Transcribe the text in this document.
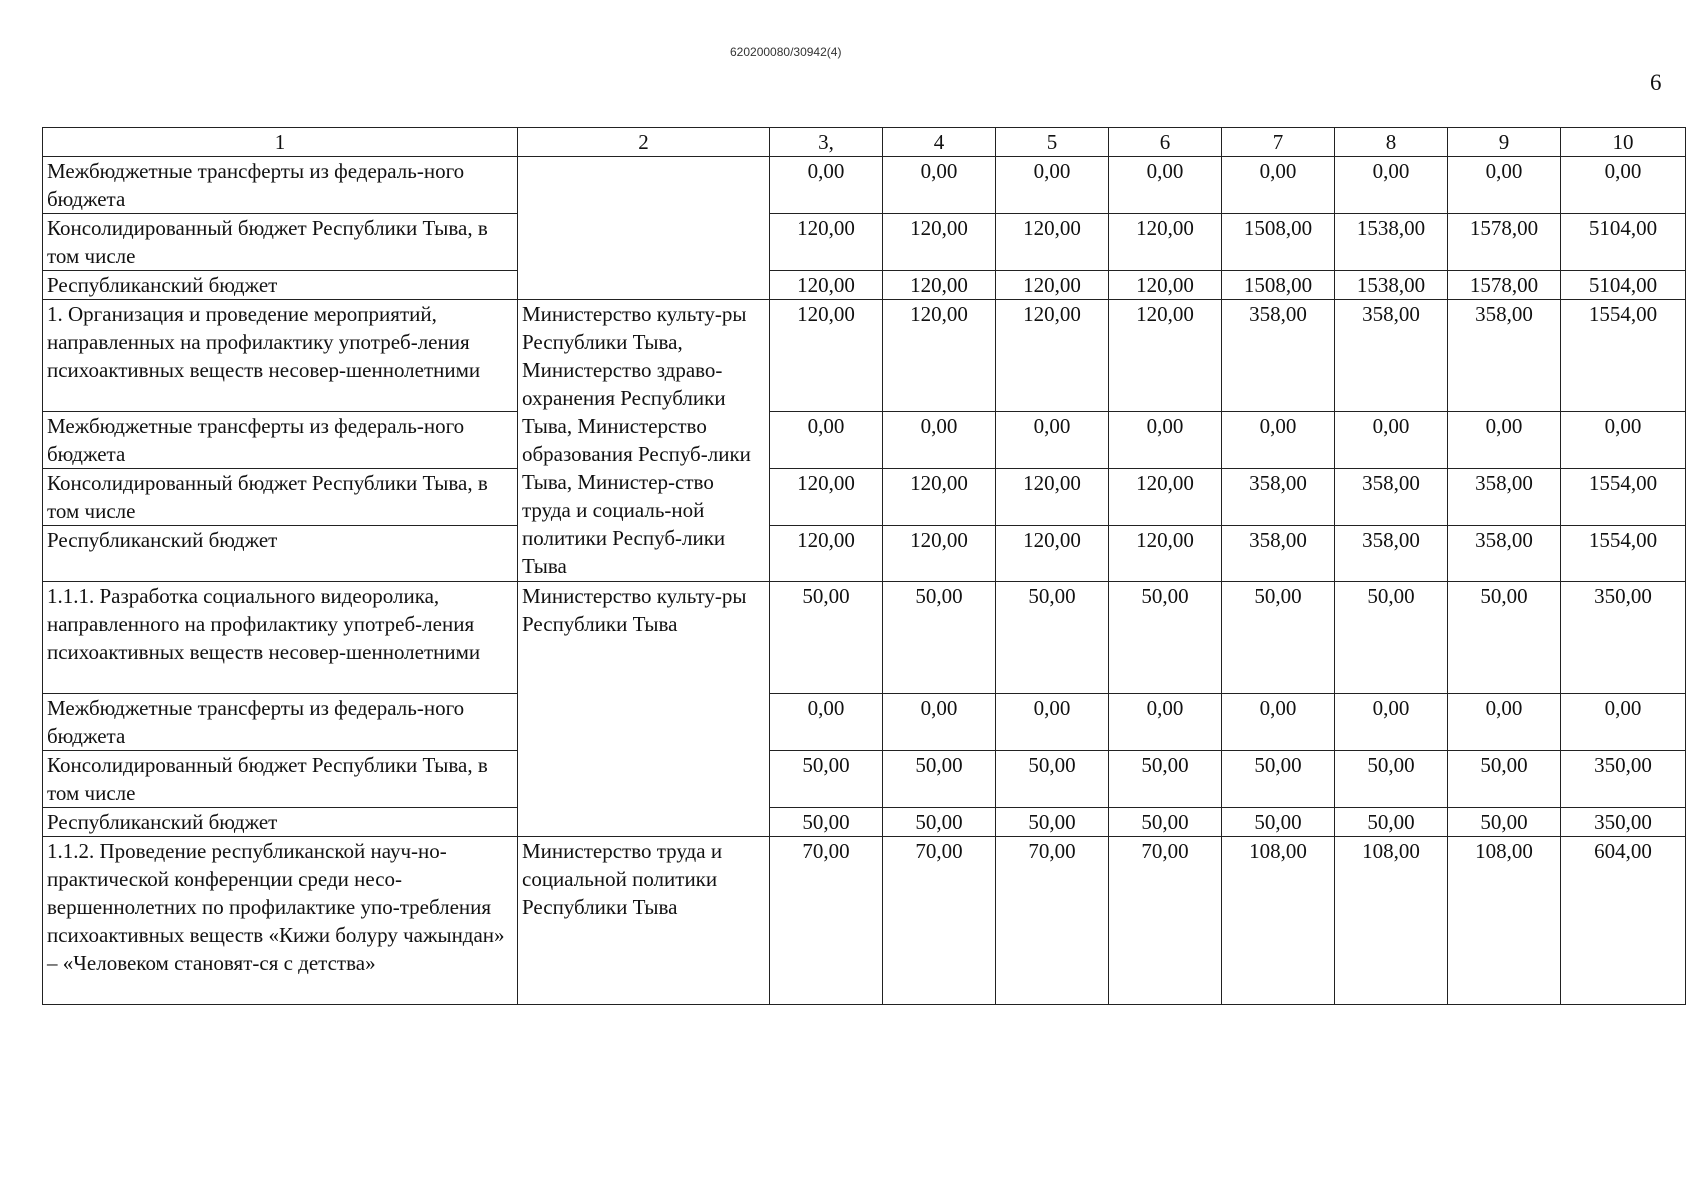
620200080/30942(4)
6
1	2	3,	4	5	6	7	8	9	10
Межбюджетные трансферты из федераль-ного бюджета		0,00	0,00	0,00	0,00	0,00	0,00	0,00	0,00
Консолидированный бюджет Республики Тыва, в том числе		120,00	120,00	120,00	120,00	1508,00	1538,00	1578,00	5104,00
Республиканский бюджет		120,00	120,00	120,00	120,00	1508,00	1538,00	1578,00	5104,00
1. Организация и проведение мероприятий, направленных на профилактику употреб-ления психоактивных веществ несовер-шеннолетними	Министерство культу-ры Республики Тыва, Министерство здраво-охранения Республики Тыва, Министерство образования Респуб-лики Тыва, Министер-ство труда и социаль-ной политики Респуб-лики Тыва	120,00	120,00	120,00	120,00	358,00	358,00	358,00	1554,00
Межбюджетные трансферты из федераль-ного бюджета		0,00	0,00	0,00	0,00	0,00	0,00	0,00	0,00
Консолидированный бюджет Республики Тыва, в том числе		120,00	120,00	120,00	120,00	358,00	358,00	358,00	1554,00
Республиканский бюджет		120,00	120,00	120,00	120,00	358,00	358,00	358,00	1554,00
1.1.1. Разработка социального видеоролика, направленного на профилактику употреб-ления психоактивных веществ несовер-шеннолетними	Министерство культу-ры Республики Тыва	50,00	50,00	50,00	50,00	50,00	50,00	50,00	350,00
Межбюджетные трансферты из федераль-ного бюджета		0,00	0,00	0,00	0,00	0,00	0,00	0,00	0,00
Консолидированный бюджет Республики Тыва, в том числе		50,00	50,00	50,00	50,00	50,00	50,00	50,00	350,00
Республиканский бюджет		50,00	50,00	50,00	50,00	50,00	50,00	50,00	350,00
1.1.2. Проведение республиканской науч-но-практической конференции среди несо-вершеннолетних по профилактике упо-требления психоактивных веществ «Кижи болуру чажындан» – «Человеком становят-ся с детства»	Министерство труда и социальной политики Республики Тыва	70,00	70,00	70,00	70,00	108,00	108,00	108,00	604,00
